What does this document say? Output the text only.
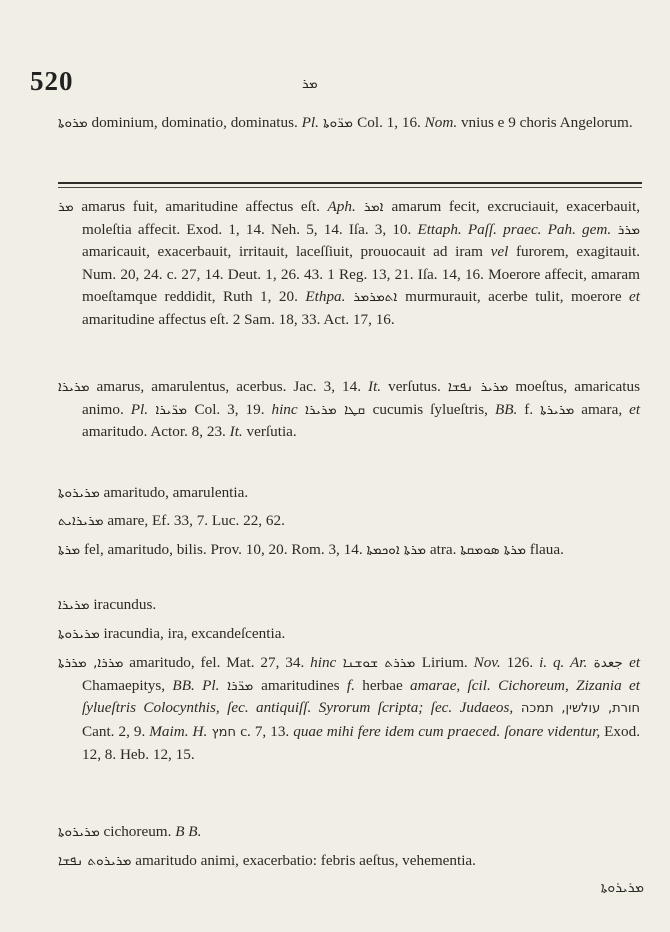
520	ܡܪ
ܡܪܘܬܐ dominium, dominatio, dominatus. Pl. ܡܪ̈ܘܬܐ Col. 1, 16. Nom. vnius e 9 choris Angelorum.
ܡܪ amarus fuit, amaritudine affectus eſt. Aph. ܐܡܪ amarum fecit, excruciauit, exacerbauit, moleſtia affecit. Exod. 1, 14. Neh. 5, 14. Iſa. 3, 10. Ettaph. Paſſ. praec. Pah. gem. ܡܪܪ amaricauit, exacerbauit, irritauit, laceſſiuit, prouocauit ad iram vel furorem, exagitauit. Num. 20, 24. c. 27, 14. Deut. 1, 26. 43. 1 Reg. 13, 21. Iſa. 14, 16. Moerore affecit, amaram moeſtamque reddidit, Ruth 1, 20. Ethpa. ܐܬܡܪܡܪ murmurauit, acerbe tulit, moerore et amaritudine affectus eſt. 2 Sam. 18, 33. Act. 17, 16.
ܡܪܝܪܐ amarus, amarulentus, acerbus. Jac. 3, 14. It. verſutus. ܡܪܝܪ ܢܦܫܐ moeſtus, amaricatus animo. Pl. ܡܪ̈ܝܪܐ Col. 3, 19. hinc ܩܛܐ ܡܪܝܪܐ cucumis ſylueſtris, BB. f. ܡܪܝܪܬܐ amara, et amaritudo. Actor. 8, 23. It. verſutia.
ܡܪܝܪܘܬܐ amaritudo, amarulentia.
ܡܪܝܪܐܝܬ amare, Ef. 33, 7. Luc. 22, 62.
ܡܪܬܐ fel, amaritudo, bilis. Prov. 10, 20. Rom. 3, 14. ܡܪܬܐ ܐܘܟܡܬܐ atra. ܡܪܬܐ ܣܘܡܩܬܐ flaua.
ܡܪܝܪܐ iracundus.
ܡܪܝܪܘܬܐ iracundia, ira, excandeſcentia.
ܡܪܪܐ, ܡܪܪܬܐ amaritudo, fel. Mat. 27, 34. hinc ܡܪܪܬ ܫܘܫܢܐ Lirium. Nov. 126. i. q. Ar. جعدة et Chamaepitys, BB. Pl. ܡܪ̈ܪܐ amaritudines f. herbae amarae, ſcil. Cichoreum, Zizania et ſylueſtris Colocynthis, ſec. antiquiſſ. Syrorum ſcripta; ſec. Judaeos, חורת, עולשין, תמכה Cant. 2, 9. Maim. H. חמץ c. 7, 13. quae mihi fere idem cum praeced. ſonare videntur, Exod. 12, 8. Heb. 12, 15.
ܡܪܝܪܘܬܐ cichoreum. B B.
ܡܪܝܪܘܬ ܢܦܫܐ amaritudo animi, exacerbatio: febris aeſtus, vehementia.
ܡܪܝܪܘܬܐ
